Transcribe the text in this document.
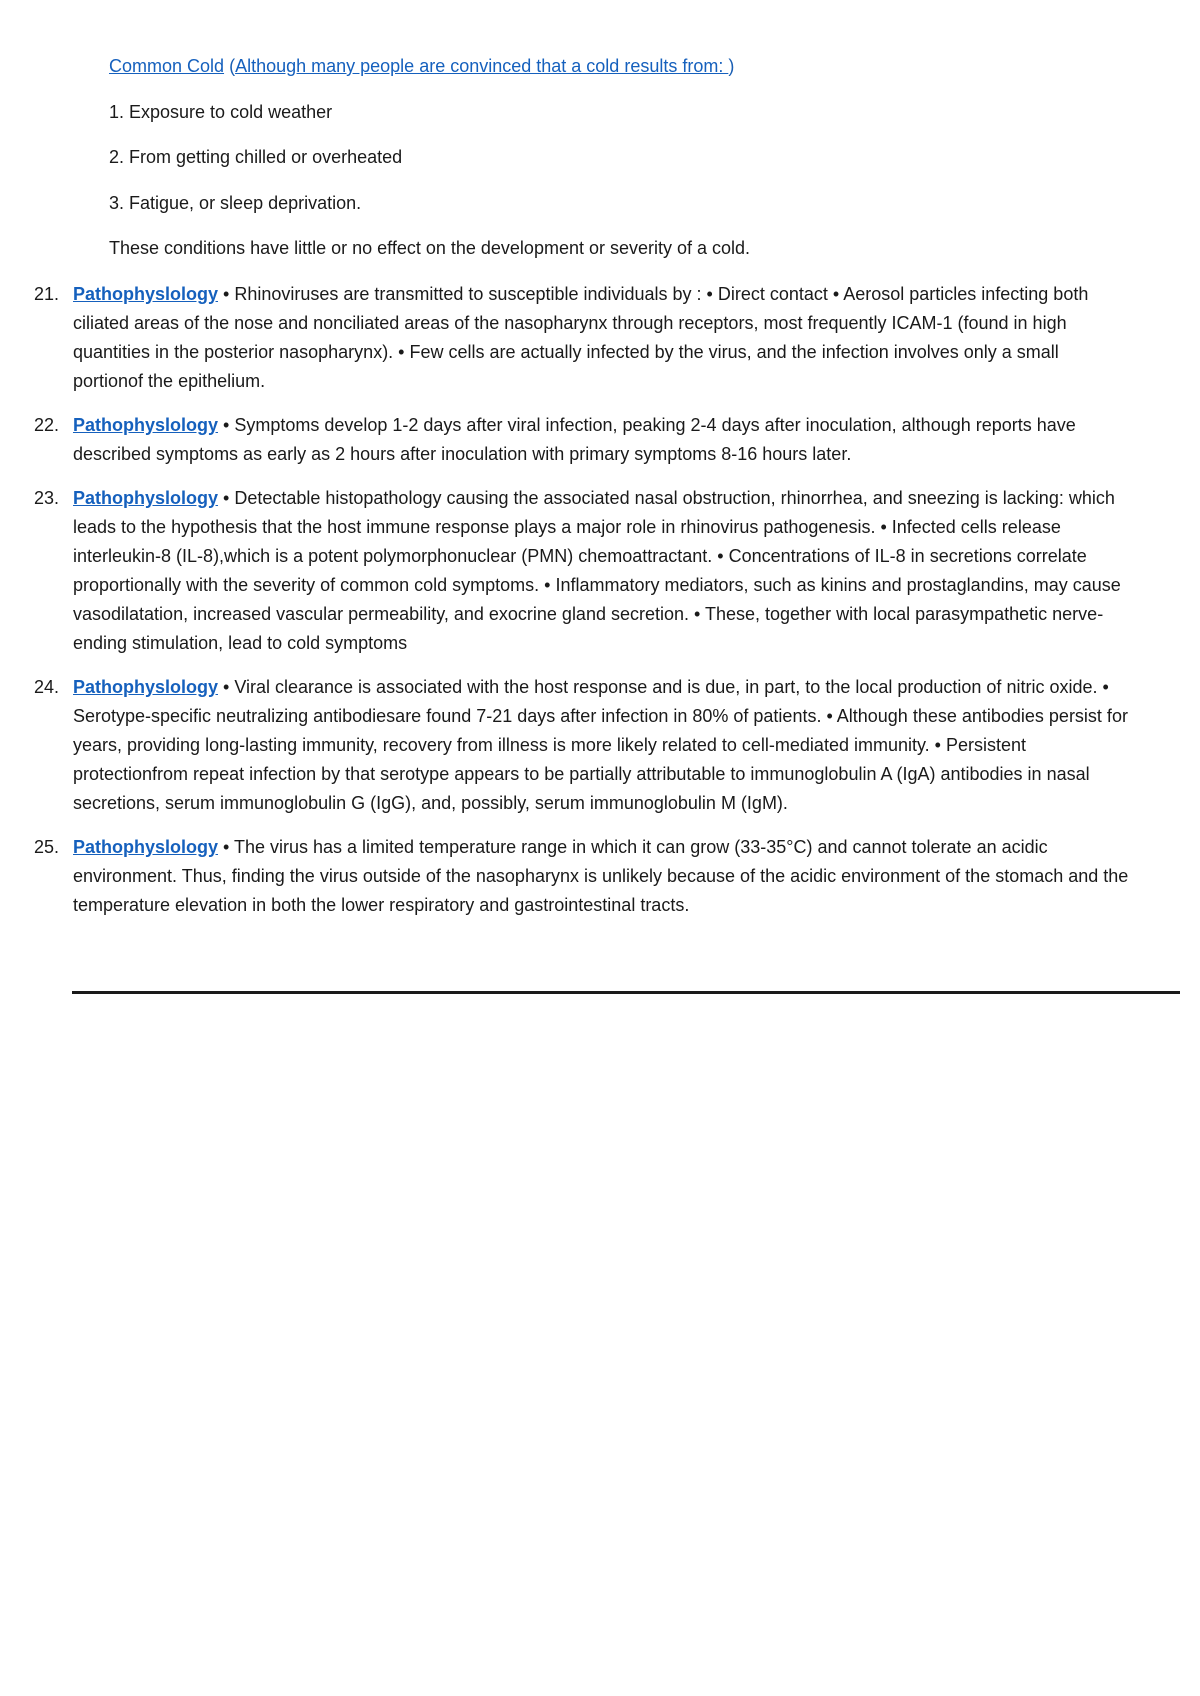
Common Cold (Although many people are convinced that a cold results from: )

1. Exposure to cold weather

2. From getting chilled or overheated

3. Fatigue, or sleep deprivation.

These conditions have little or no effect on the development or severity of a cold.

21. Pathophyslology • Rhinoviruses are transmitted to susceptible individuals by : • Direct contact • Aerosol particles infecting both ciliated areas of the nose and nonciliated areas of the nasopharynx through receptors, most frequently ICAM-1 (found in high quantities in the posterior nasopharynx). • Few cells are actually infected by the virus, and the infection involves only a small portionof the epithelium.
22. Pathophyslology • Symptoms develop 1-2 days after viral infection, peaking 2-4 days after inoculation, although reports have described symptoms as early as 2 hours after inoculation with primary symptoms 8-16 hours later.
23. Pathophyslology • Detectable histopathology causing the associated nasal obstruction, rhinorrhea, and sneezing is lacking: which leads to the hypothesis that the host immune response plays a major role in rhinovirus pathogenesis. • Infected cells release interleukin-8 (IL-8),which is a potent polymorphonuclear (PMN) chemoattractant. • Concentrations of IL-8 in secretions correlate proportionally with the severity of common cold symptoms. • Inflammatory mediators, such as kinins and prostaglandins, may cause vasodilatation, increased vascular permeability, and exocrine gland secretion. • These, together with local parasympathetic nerve-ending stimulation, lead to cold symptoms
24. Pathophyslology • Viral clearance is associated with the host response and is due, in part, to the local production of nitric oxide. • Serotype-specific neutralizing antibodiesare found 7-21 days after infection in 80% of patients. • Although these antibodies persist for years, providing long-lasting immunity, recovery from illness is more likely related to cell-mediated immunity. • Persistent protectionfrom repeat infection by that serotype appears to be partially attributable to immunoglobulin A (IgA) antibodies in nasal secretions, serum immunoglobulin G (IgG), and, possibly, serum immunoglobulin M (IgM).
25. Pathophyslology • The virus has a limited temperature range in which it can grow (33-35°C) and cannot tolerate an acidic environment. Thus, finding the virus outside of the nasopharynx is unlikely because of the acidic environment of the stomach and the temperature elevation in both the lower respiratory and gastrointestinal tracts.
